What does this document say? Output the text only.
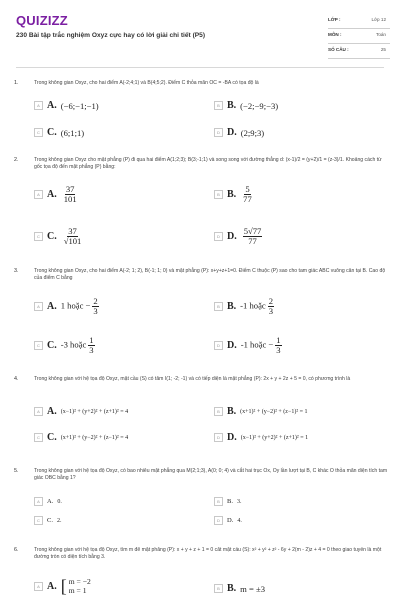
QUIZIZZ
230 Bài tập trắc nghiệm Oxyz cực hay có lời giải chi tiết (P5)
LỚP :	Lớp 12
MÔN :	Toán
SỐ CÂU :	25
1.	Trong không gian Oxyz, cho hai điểm A(-2;4;1) và B(4;5;2). Điểm C thỏa mãn OC = -BA có tọa độ là
A A. (−6;−1;−1)	B B. (−2;−9;−3)
C C. (6;1;1)	D D. (2;9;3)
2.	Trong không gian Oxyz cho mặt phẳng (P) đi qua hai điểm A(1;2;3); B(3;-1;1) và song song với đường thẳng d: (x-1)/2 = (y+2)/1 = (z-3)/1. Khoảng cách từ gốc tọa độ đến mặt phẳng (P) bằng:
A A. $\frac{37}{101}$	B B. $\frac{5}{77}$
C C. $\frac{37}{√101}$	D D. $\frac{5√77}{77}$
3.	Trong không gian Oxyz, cho hai điểm A(-2; 1; 2), B(-1; 1; 0) và mặt phẳng (P): x+y+z+1=0. Điểm C thuộc (P) sao cho tam giác ABC vuông cân tại B. Cao độ của điểm C bằng
A A. 1 hoặc − $\frac{2}{3}$	B B. -1 hoặc $\frac{2}{3}$
C C. -3 hoặc $\frac{1}{3}$	D D. -1 hoặc − $\frac{1}{3}$
4.	Trong không gian với hệ tọa độ Oxyz, mặt cầu (S) có tâm I(1; -2; -1) và có tiếp diện là mặt phẳng (P): 2x + y + 2z + 5 = 0, có phương trình là
A A. (x−1)² + (y+2)² + (z+1)² = 4	B B. (x+1)² + (y−2)² + (z−1)² = 1
C C. (x+1)² + (y−2)² + (z−1)² = 4	D D. (x−1)² + (y+2)² + (z+1)² = 1
5.	Trong không gian với hệ tọa độ Oxyz, có bao nhiêu mặt phẳng qua M(2;1;3), A(0; 0; 4) và cắt hai trục Ox, Oy lần lượt tại B, C khác O thỏa mãn diện tích tam giác OBC bằng 1?
A	A. 0.	B	B. 3.
C	C. 2.	D	D. 4.
6.	Trong không gian với hệ tọa độ Oxyz, tìm m để mặt phẳng (P): x + y + z + 1 = 0 cắt mặt cầu (S): x² + y² + z² - 6y + 2(m - 2)z + 4 = 0 theo giao tuyến là một đường tròn có diện tích bằng 3.
A A. [ m = −2
m = 1	B B. m = ±3
